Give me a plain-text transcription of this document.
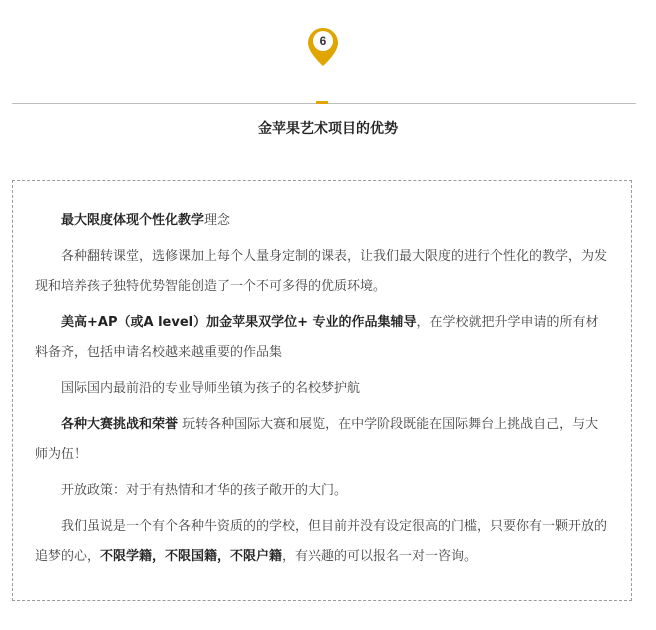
6
金苹果艺术项目的优势

最大限度体现个性化教学理念

各种翻转课堂，选修课加上每个人量身定制的课表，让我们最大限度的进行个性化的教学，为发现和培养孩子独特优势智能创造了一个不可多得的优质环境。

美高+AP（或A level）加金苹果双学位+ 专业的作品集辅导，在学校就把升学申请的所有材料备齐，包括申请名校越来越重要的作品集

国际国内最前沿的专业导师坐镇为孩子的名校梦护航

各种大赛挑战和荣誉 玩转各种国际大赛和展览，在中学阶段既能在国际舞台上挑战自己，与大师为伍！

开放政策：对于有热情和才华的孩子敞开的大门。

我们虽说是一个有个各种牛资质的的学校，但目前并没有设定很高的门槛，只要你有一颗开放的追梦的心，不限学籍，不限国籍，不限户籍，有兴趣的可以报名一对一咨询。
